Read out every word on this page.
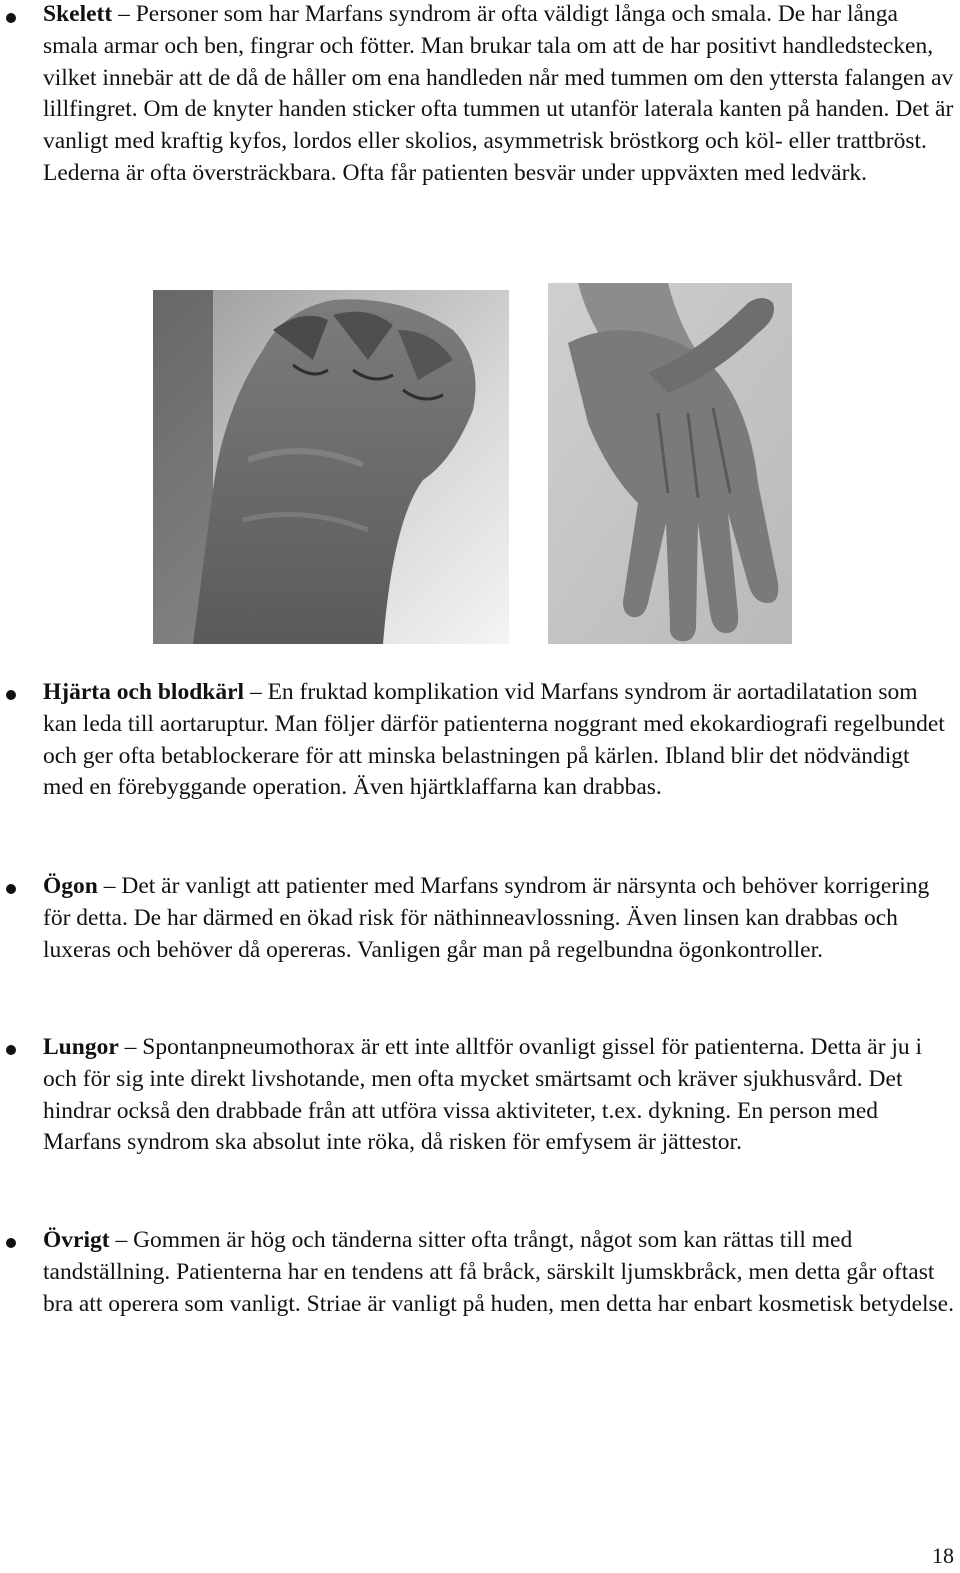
Skelett – Personer som har Marfans syndrom är ofta väldigt långa och smala. De har långa smala armar och ben, fingrar och fötter. Man brukar tala om att de har positivt handledstecken, vilket innebär att de då de håller om ena handleden når med tummen om den yttersta falangen av lillfingret. Om de knyter handen sticker ofta tummen ut utanför laterala kanten på handen. Det är vanligt med kraftig kyfos, lordos eller skolios, asymmetrisk bröstkorg och köl- eller trattbröst. Lederna är ofta översträckbara. Ofta får patienten besvär under uppväxten med ledvärk.

Hjärta och blodkärl – En fruktad komplikation vid Marfans syndrom är aortadilatation som kan leda till aortaruptur. Man följer därför patienterna noggrant med ekokardiografi regelbundet och ger ofta betablockerare för att minska belastningen på kärlen. Ibland blir det nödvändigt med en förebyggande operation. Även hjärtklaffarna kan drabbas.

Ögon – Det är vanligt att patienter med Marfans syndrom är närsynta och behöver korrigering för detta. De har därmed en ökad risk för näthinneavlossning. Även linsen kan drabbas och luxeras och behöver då opereras. Vanligen går man på regelbundna ögonkontroller.

Lungor – Spontanpneumothorax är ett inte alltför ovanligt gissel för patienterna. Detta är ju i och för sig inte direkt livshotande, men ofta mycket smärtsamt och kräver sjukhusvård. Det hindrar också den drabbade från att utföra vissa aktiviteter, t.ex. dykning. En person med Marfans syndrom ska absolut inte röka, då risken för emfysem är jättestor.

Övrigt – Gommen är hög och tänderna sitter ofta trångt, något som kan rättas till med tandställning. Patienterna har en tendens att få bråck, särskilt ljumskbråck, men detta går oftast bra att operera som vanligt. Striae är vanligt på huden, men detta har enbart kosmetisk betydelse.

18
